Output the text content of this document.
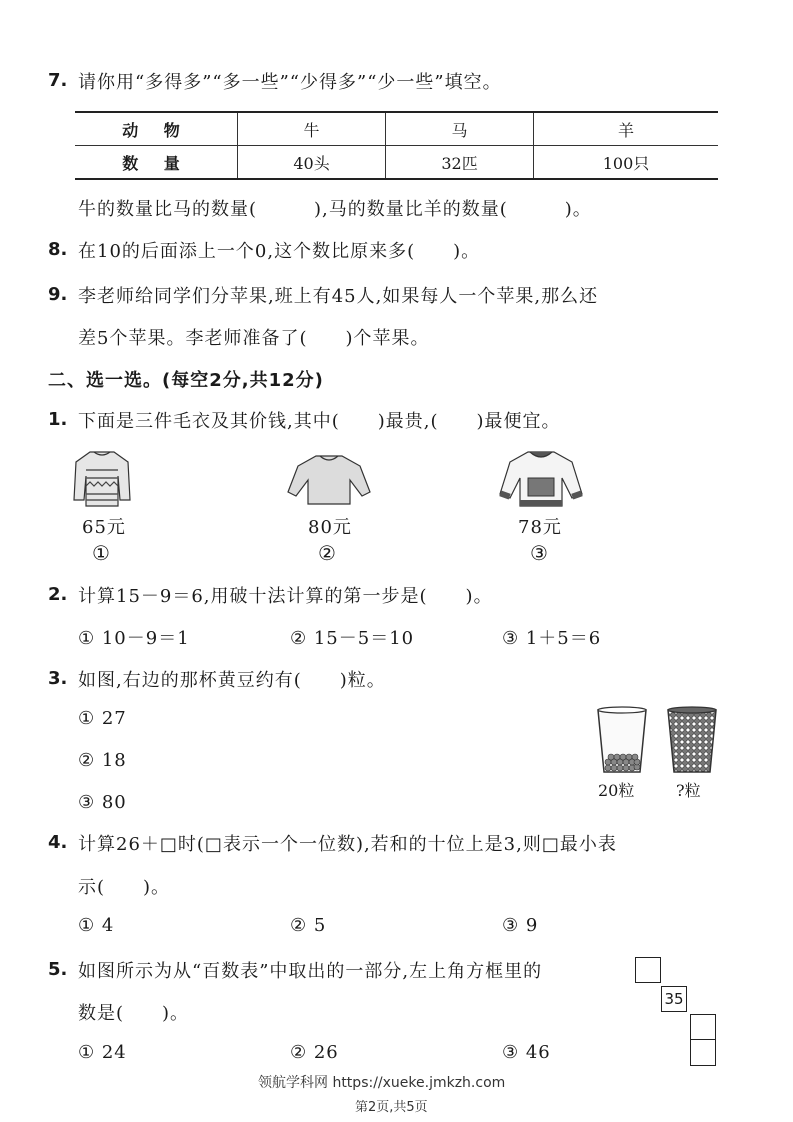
7. 请你用“多得多”“多一些”“少得多”“少一些”填空。
动 物	牛	马	羊
数 量	40头	32匹	100只
牛的数量比马的数量(　　　),马的数量比羊的数量(　　　)。
8. 在10的后面添上一个0,这个数比原来多(　　)。
9. 李老师给同学们分苹果,班上有45人,如果每人一个苹果,那么还
差5个苹果。李老师准备了(　　)个苹果。
二、选一选。(每空2分,共12分)
1. 下面是三件毛衣及其价钱,其中(　　)最贵,(　　)最便宜。
65元
①
80元
②
78元
③
2. 计算15－9＝6,用破十法计算的第一步是(　　)。
① 10－9＝1	② 15－5＝10	③ 1＋5＝6
3. 如图,右边的那杯黄豆约有(　　)粒。
① 27
② 18
③ 80
20粒	?粒
4. 计算26＋□时(□表示一个一位数),若和的十位上是3,则□最小表
示(　　)。
① 4	② 5	③ 9
5. 如图所示为从“百数表”中取出的一部分,左上角方框里的
数是(　　)。
① 24	② 26	③ 46
35
领航学科网 https://xueke.jmkzh.com
第2页,共5页
